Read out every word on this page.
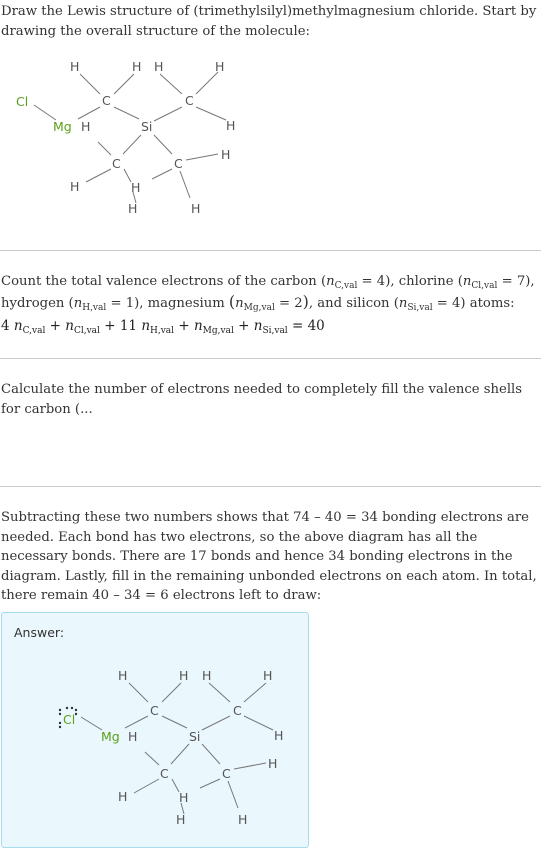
Draw the Lewis structure of (trimethylsilyl)methylmagnesium chloride. Start by drawing the overall structure of the molecule:
Cl
Mg
H
C
H H	H
H	Si
C
H
C	C
H
H	H
H	H
Count the total valence electrons of the carbon $(n_{C,val} = 4)$, chlorine $(n_{Cl,val} = 7)$, hydrogen $(n_{H,val} = 1)$, magnesium $(n_{Mg,val} = 2)$, and silicon $(n_{Si,val} = 4)$ atoms:
4 $n_{C,val} + n_{Cl,val} + 11$ $n_{H,val} + n_{Mg,val} + n_{Si,val} = 40$
Calculate the number of electrons needed to completely fill the valence shells for carbon (...
Subtracting these two numbers shows that 74 – 40 = 34 bonding electrons are needed. Each bond has two electrons, so the above diagram has all the necessary bonds. There are 17 bonds and hence 34 bonding electrons in the diagram. Lastly, fill in the remaining unbonded electrons on each atom. In total, there remain 40 – 34 = 6 electrons left to draw:
Answer:
Cl
Mg
H
C
H H	H
H	Si
C
H
C	C
H
H	H
H	H
